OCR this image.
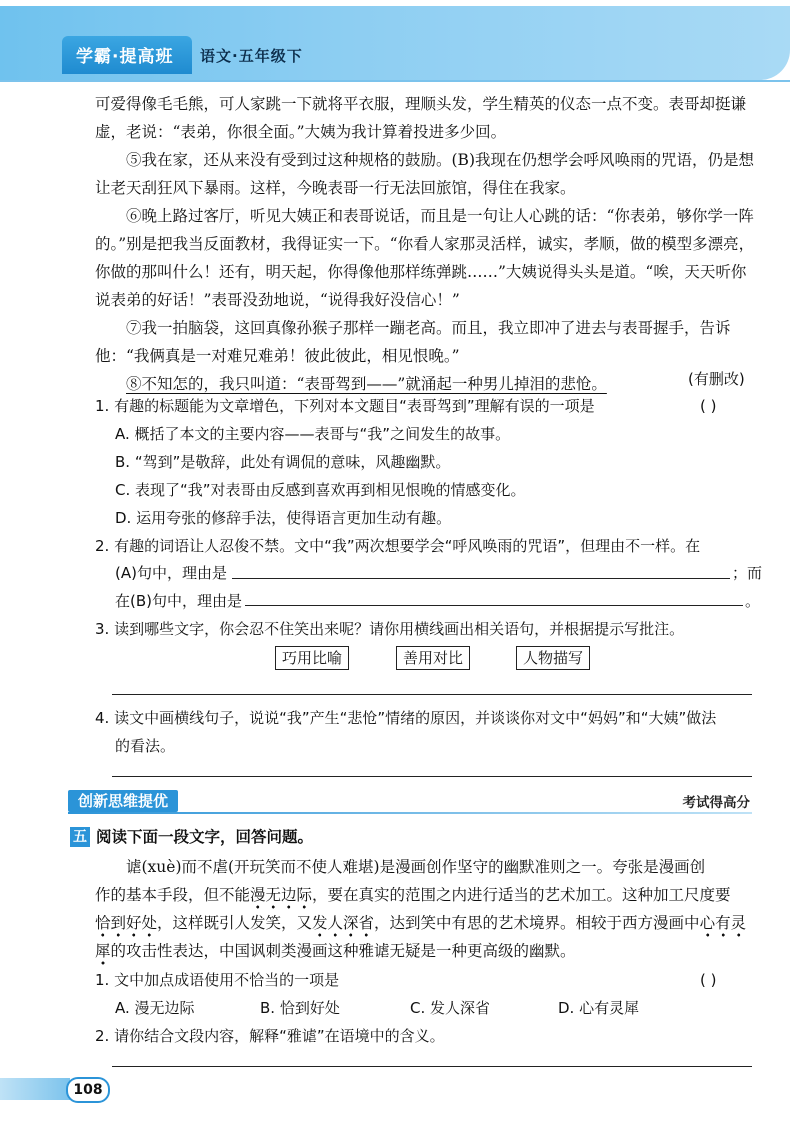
学霸·提高班 语文·五年级下

可爱得像毛毛熊，可人家跳一下就将平衣服，理顺头发，学生精英的仪态一点不变。表哥却挺谦虚，老说：“表弟，你很全面。”大姨为我计算着投进多少回。

⑤我在家，还从来没有受到过这种规格的鼓励。(B)我现在仍想学会呼风唤雨的咒语，仍是想让老天刮狂风下暴雨。这样，今晚表哥一行无法回旅馆，得住在我家。

⑥晚上路过客厅，听见大姨正和表哥说话，而且是一句让人心跳的话：“你表弟，够你学一阵的。”别是把我当反面教材，我得证实一下。“你看人家那灵活样，诚实，孝顺，做的模型多漂亮，你做的那叫什么！还有，明天起，你得像他那样练弹跳……”大姨说得头头是道。“唉，天天听你说表弟的好话！”表哥没劲地说，“说得我好没信心！”

⑦我一拍脑袋，这回真像孙猴子那样一蹦老高。而且，我立即冲了进去与表哥握手，告诉他：“我俩真是一对难兄难弟！彼此彼此，相见恨晚。”

⑧不知怎的，我只叫道：“表哥驾到——”就涌起一种男儿掉泪的悲怆。	(有删改)
1. 有趣的标题能为文章增色，下列对本文题目“表哥驾到”理解有误的一项是	( )
A. 概括了本文的主要内容——表哥与“我”之间发生的故事。
B. “驾到”是敬辞，此处有调侃的意味，风趣幽默。
C. 表现了“我”对表哥由反感到喜欢再到相见恨晚的情感变化。
D. 运用夸张的修辞手法，使得语言更加生动有趣。
2. 有趣的词语让人忍俊不禁。文中“我”两次想要学会“呼风唤雨的咒语”，但理由不一样。在
(A)句中，理由是	；而
在(B)句中，理由是	。
3. 读到哪些文字，你会忍不住笑出来呢？请你用横线画出相关语句，并根据提示写批注。
巧用比喻	善用对比	人物描写
4. 读文中画横线句子，说说“我”产生“悲怆”情绪的原因，并谈谈你对文中“妈妈”和“大姨”做法
的看法。
创新思维提优	考试得高分
五 阅读下面一段文字，回答问题。

谑(xuè)而不虐(开玩笑而不使人难堪)是漫画创作坚守的幽默准则之一。夸张是漫画创

作的基本手段，但不能漫无边际，要在真实的范围之内进行适当的艺术加工。这种加工尺度要

恰到好处，这样既引人发笑，又发人深省，达到笑中有思的艺术境界。相较于西方漫画中心有灵

犀的攻击性表达，中国讽刺类漫画这种雅谑无疑是一种更高级的幽默。

1. 文中加点成语使用不恰当的一项是	( )
A. 漫无边际	B. 恰到好处	C. 发人深省	D. 心有灵犀
2. 请你结合文段内容，解释“雅谑”在语境中的含义。
108
